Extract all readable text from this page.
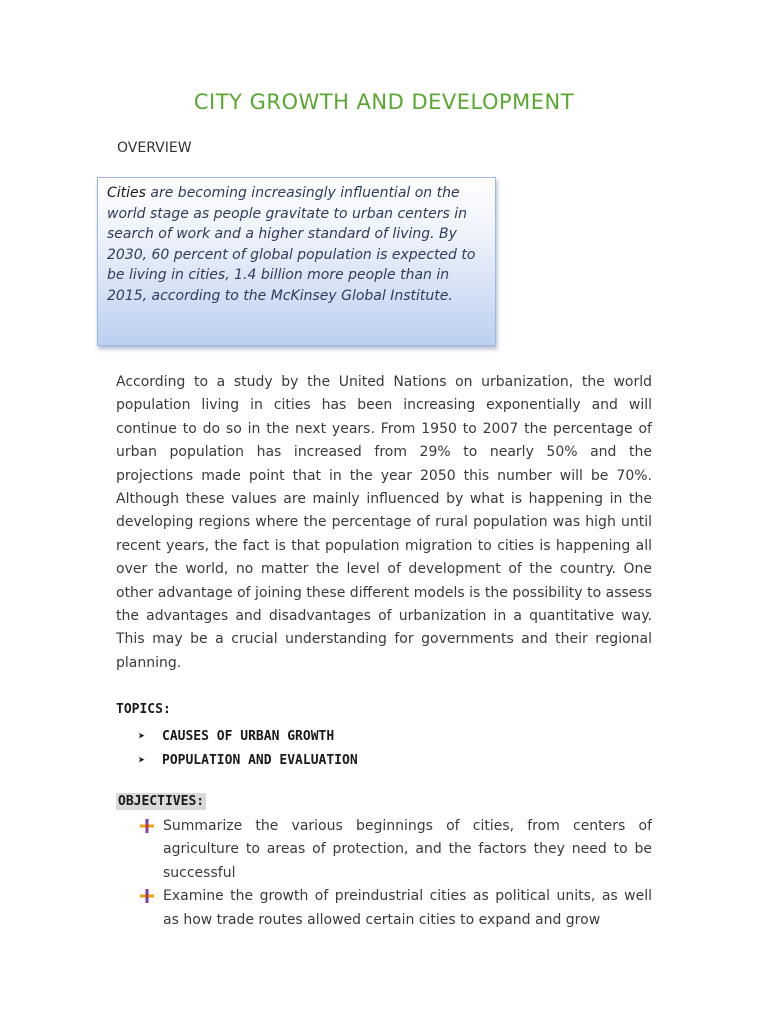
CITY GROWTH AND DEVELOPMENT
OVERVIEW

Cities are becoming increasingly influential on the world stage as people gravitate to urban centers in search of work and a higher standard of living. By 2030, 60 percent of global population is expected to be living in cities, 1.4 billion more people than in 2015, according to the McKinsey Global Institute.

According to a study by the United Nations on urbanization, the world population living in cities has been increasing exponentially and will continue to do so in the next years. From 1950 to 2007 the percentage of urban population has increased from 29% to nearly 50% and the projections made point that in the year 2050 this number will be 70%. Although these values are mainly influenced by what is happening in the developing regions where the percentage of rural population was high until recent years, the fact is that population migration to cities is happening all over the world, no matter the level of development of the country. One other advantage of joining these different models is the possibility to assess the advantages and disadvantages of urbanization in a quantitative way. This may be a crucial understanding for governments and their regional planning.

TOPICS:
➤	CAUSES OF URBAN GROWTH
➤	POPULATION AND EVALUATION
OBJECTIVES:
Summarize the various beginnings of cities, from centers of agriculture to areas of protection, and the factors they need to be successful
Examine the growth of preindustrial cities as political units, as well as how trade routes allowed certain cities to expand and grow
